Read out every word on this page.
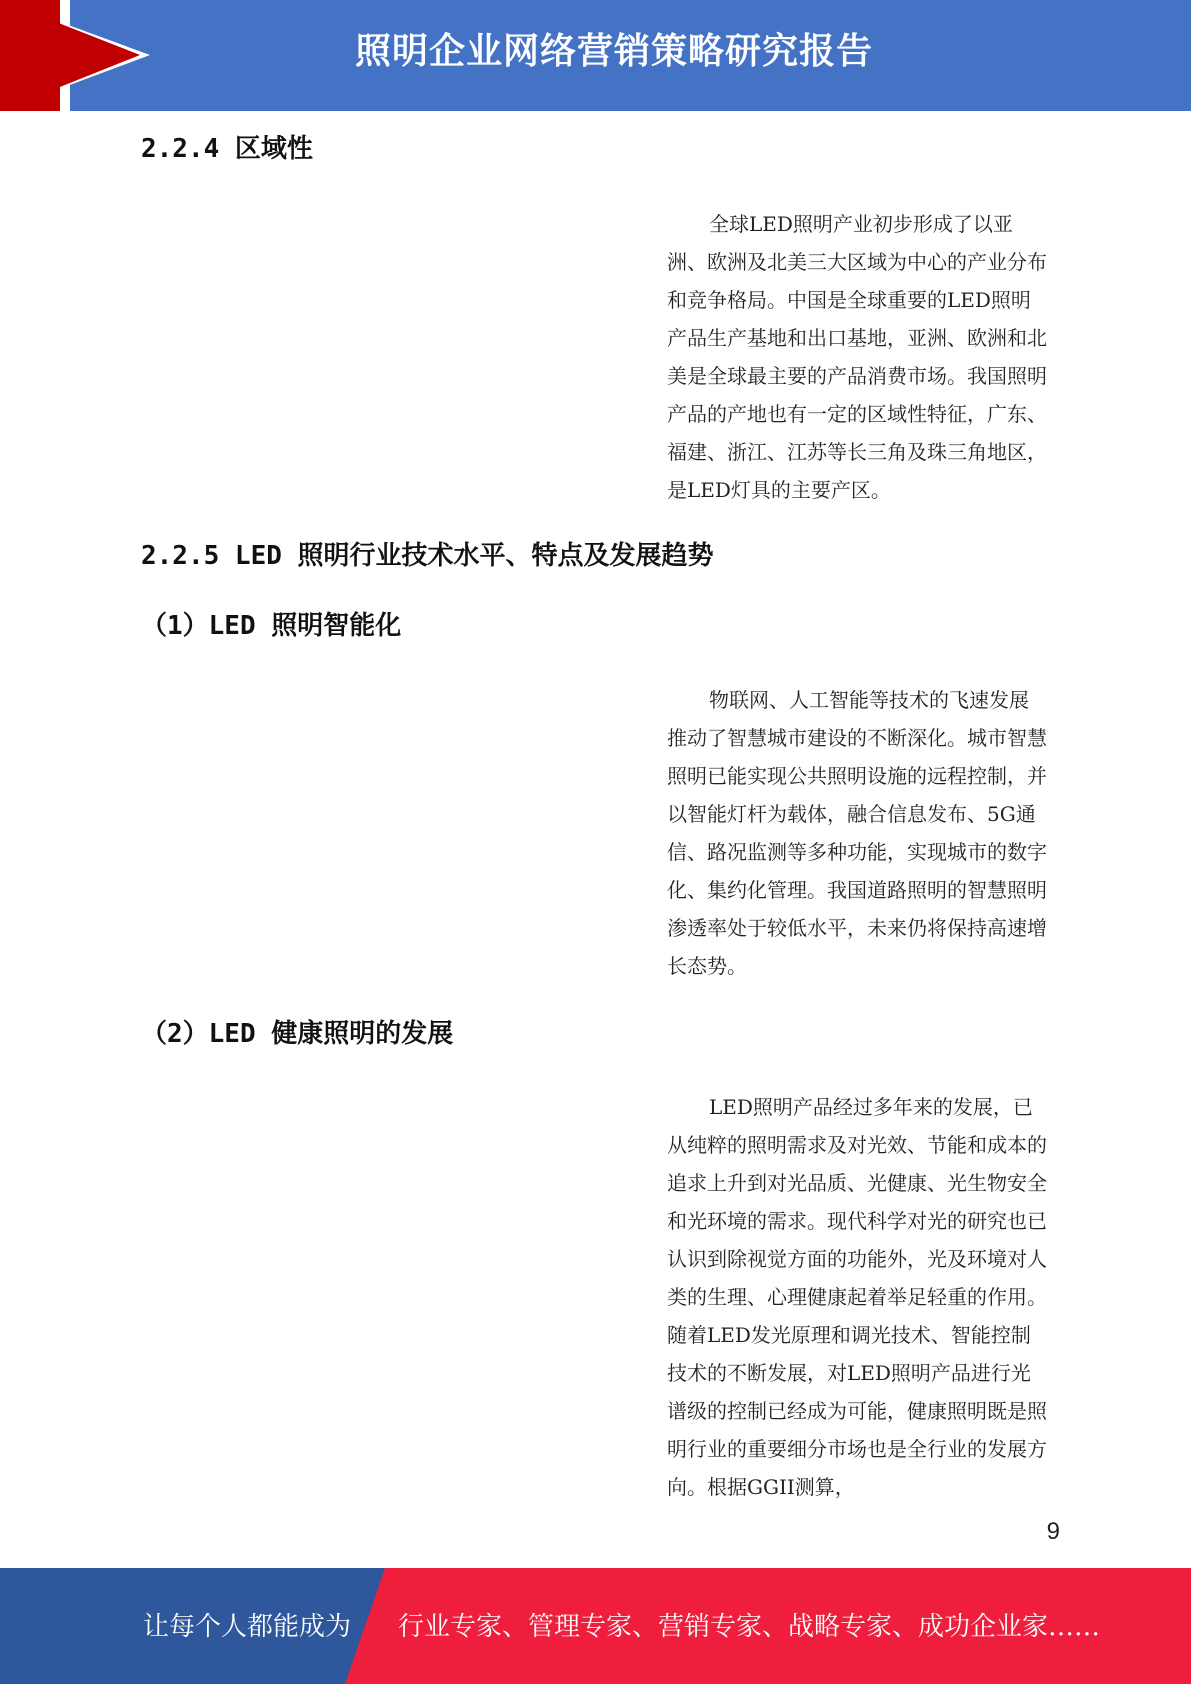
照明企业网络营销策略研究报告
2.2.4 区域性
全球LED照明产业初步形成了以亚洲、欧洲及北美三大区域为中心的产业分布和竞争格局。中国是全球重要的LED照明产品生产基地和出口基地，亚洲、欧洲和北美是全球最主要的产品消费市场。我国照明产品的产地也有一定的区域性特征，广东、福建、浙江、江苏等长三角及珠三角地区，是LED灯具的主要产区。
2.2.5 LED 照明行业技术水平、特点及发展趋势
（1）LED 照明智能化
物联网、人工智能等技术的飞速发展推动了智慧城市建设的不断深化。城市智慧照明已能实现公共照明设施的远程控制，并以智能灯杆为载体，融合信息发布、5G通信、路况监测等多种功能，实现城市的数字化、集约化管理。我国道路照明的智慧照明渗透率处于较低水平，未来仍将保持高速增长态势。
（2）LED 健康照明的发展
LED照明产品经过多年来的发展，已从纯粹的照明需求及对光效、节能和成本的追求上升到对光品质、光健康、光生物安全和光环境的需求。现代科学对光的研究也已认识到除视觉方面的功能外，光及环境对人类的生理、心理健康起着举足轻重的作用。随着LED发光原理和调光技术、智能控制技术的不断发展，对LED照明产品进行光谱级的控制已经成为可能，健康照明既是照明行业的重要细分市场也是全行业的发展方向。根据GGII测算，
9
让每个人都能成为 行业专家、管理专家、营销专家、战略专家、成功企业家……
